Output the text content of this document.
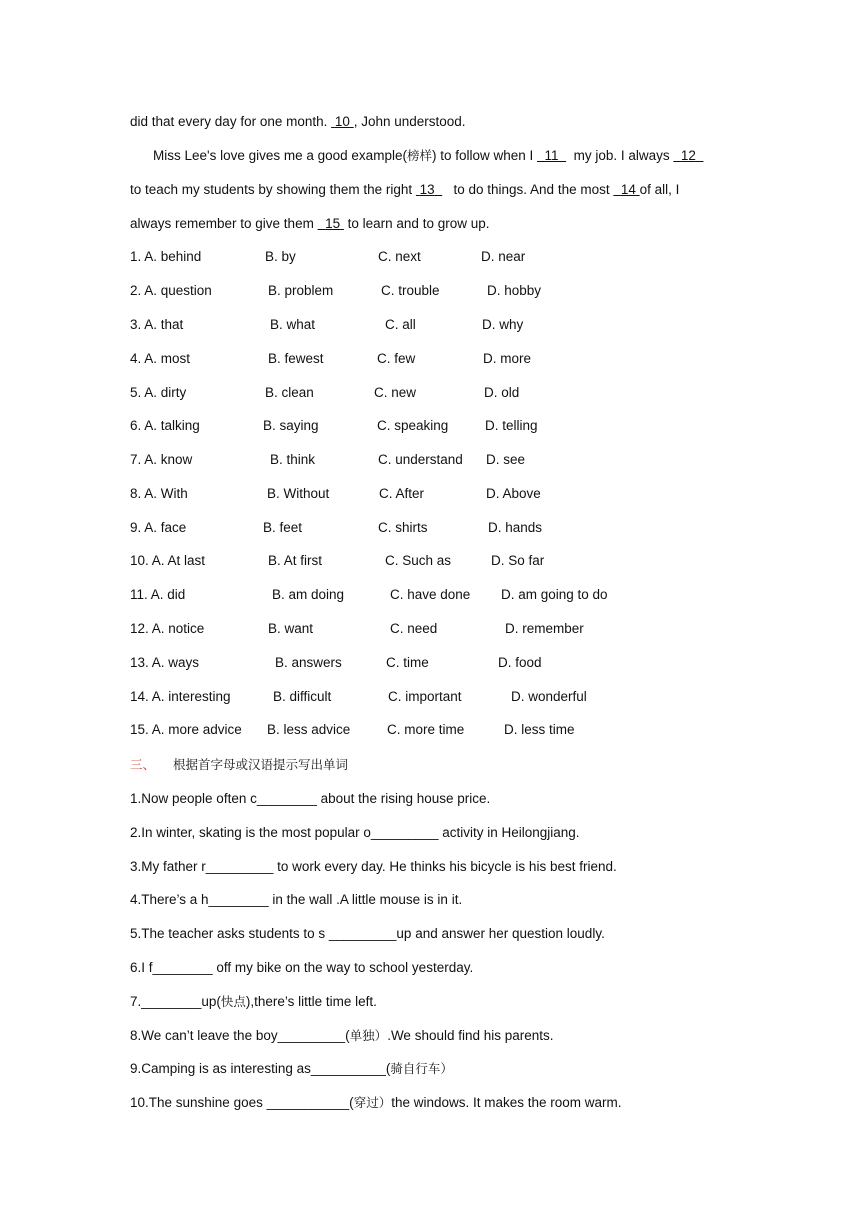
did that every day for one month.  10 , John understood.
Miss Lee's love gives me a good example(榜样) to follow when I   11    my job. I always   12
to teach my students by showing them the right  13     to do things. And the most   14 of all, I
always remember to give them   15  to learn and to grow up.
1. A. behind	B. by	C. next	D. near
2. A. question	B. problem	C. trouble	D. hobby
3. A. that	B. what	C. all	D. why
4. A. most	B. fewest	C. few	D. more
5. A. dirty	B. clean	C. new	D. old
6. A. talking	B. saying	C. speaking	D. telling
7. A. know	B. think	C. understand D. see
8. A. With	B. Without	C. After	D. Above
9. A. face	B. feet	C. shirts	D. hands
10. A. At last	B. At first	C. Such as	D. So far
11. A. did	B. am doing	C. have done D. am going to do
12. A. notice	B. want	C. need	D. remember
13. A. ways	B. answers	C. time	D. food
14. A. interesting	B. difficult	C. important	D. wonderful
15. A. more advice B. less advice	C. more time	D. less time
三、 根据首字母或汉语提示写出单词
1.Now people often c________ about the rising house price.
2.In winter, skating is the most popular o_________ activity in Heilongjiang.
3.My father r_________ to work every day. He thinks his bicycle is his best friend.
4.There’s a h________ in the wall .A little mouse is in it.
5.The teacher asks students to s _________up and answer her question loudly.
6.I f________ off my bike on the way to school yesterday.
7.________up(快点),there’s little time left.
8.We can’t leave the boy_________(单独）.We should find his parents.
9.Camping is as interesting as__________(骑自行车）
10.The sunshine goes ___________(穿过）the windows. It makes the room warm.
